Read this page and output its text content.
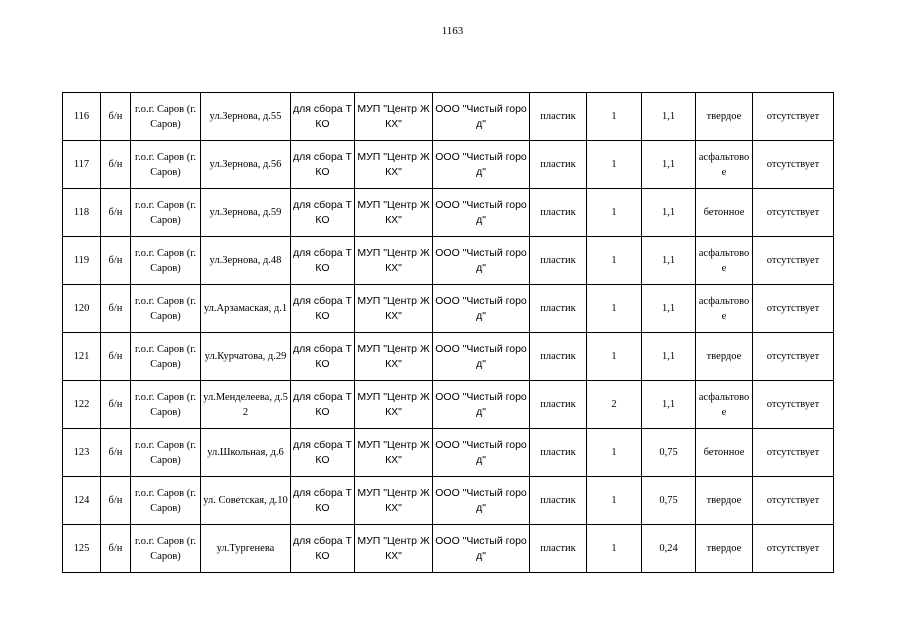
1163
116	б/н	г.о.г. Саров (г.Саров)	ул.Зернова, д.55	для сбора ТКО	МУП "Центр ЖКХ"	ООО "Чистый город"	пластик	1	1,1	твердое	отсутствует
117	б/н	г.о.г. Саров (г.Саров)	ул.Зернова, д.56	для сбора ТКО	МУП "Центр ЖКХ"	ООО "Чистый город"	пластик	1	1,1	асфальтовое	отсутствует
118	б/н	г.о.г. Саров (г.Саров)	ул.Зернова, д.59	для сбора ТКО	МУП "Центр ЖКХ"	ООО "Чистый город"	пластик	1	1,1	бетонное	отсутствует
119	б/н	г.о.г. Саров (г.Саров)	ул.Зернова, д.48	для сбора ТКО	МУП "Центр ЖКХ"	ООО "Чистый город"	пластик	1	1,1	асфальтовое	отсутствует
120	б/н	г.о.г. Саров (г.Саров)	ул.Арзамаская, д.1	для сбора ТКО	МУП "Центр ЖКХ"	ООО "Чистый город"	пластик	1	1,1	асфальтовое	отсутствует
121	б/н	г.о.г. Саров (г.Саров)	ул.Курчатова, д.29	для сбора ТКО	МУП "Центр ЖКХ"	ООО "Чистый город"	пластик	1	1,1	твердое	отсутствует
122	б/н	г.о.г. Саров (г.Саров)	ул.Менделеева, д.52	для сбора ТКО	МУП "Центр ЖКХ"	ООО "Чистый город"	пластик	2	1,1	асфальтовое	отсутствует
123	б/н	г.о.г. Саров (г.Саров)	ул.Школьная, д.6	для сбора ТКО	МУП "Центр ЖКХ"	ООО "Чистый город"	пластик	1	0,75	бетонное	отсутствует
124	б/н	г.о.г. Саров (г.Саров)	ул. Советская, д.10	для сбора ТКО	МУП "Центр ЖКХ"	ООО "Чистый город"	пластик	1	0,75	твердое	отсутствует
125	б/н	г.о.г. Саров (г.Саров)	ул.Тургенева	для сбора ТКО	МУП "Центр ЖКХ"	ООО "Чистый город"	пластик	1	0,24	твердое	отсутствует
